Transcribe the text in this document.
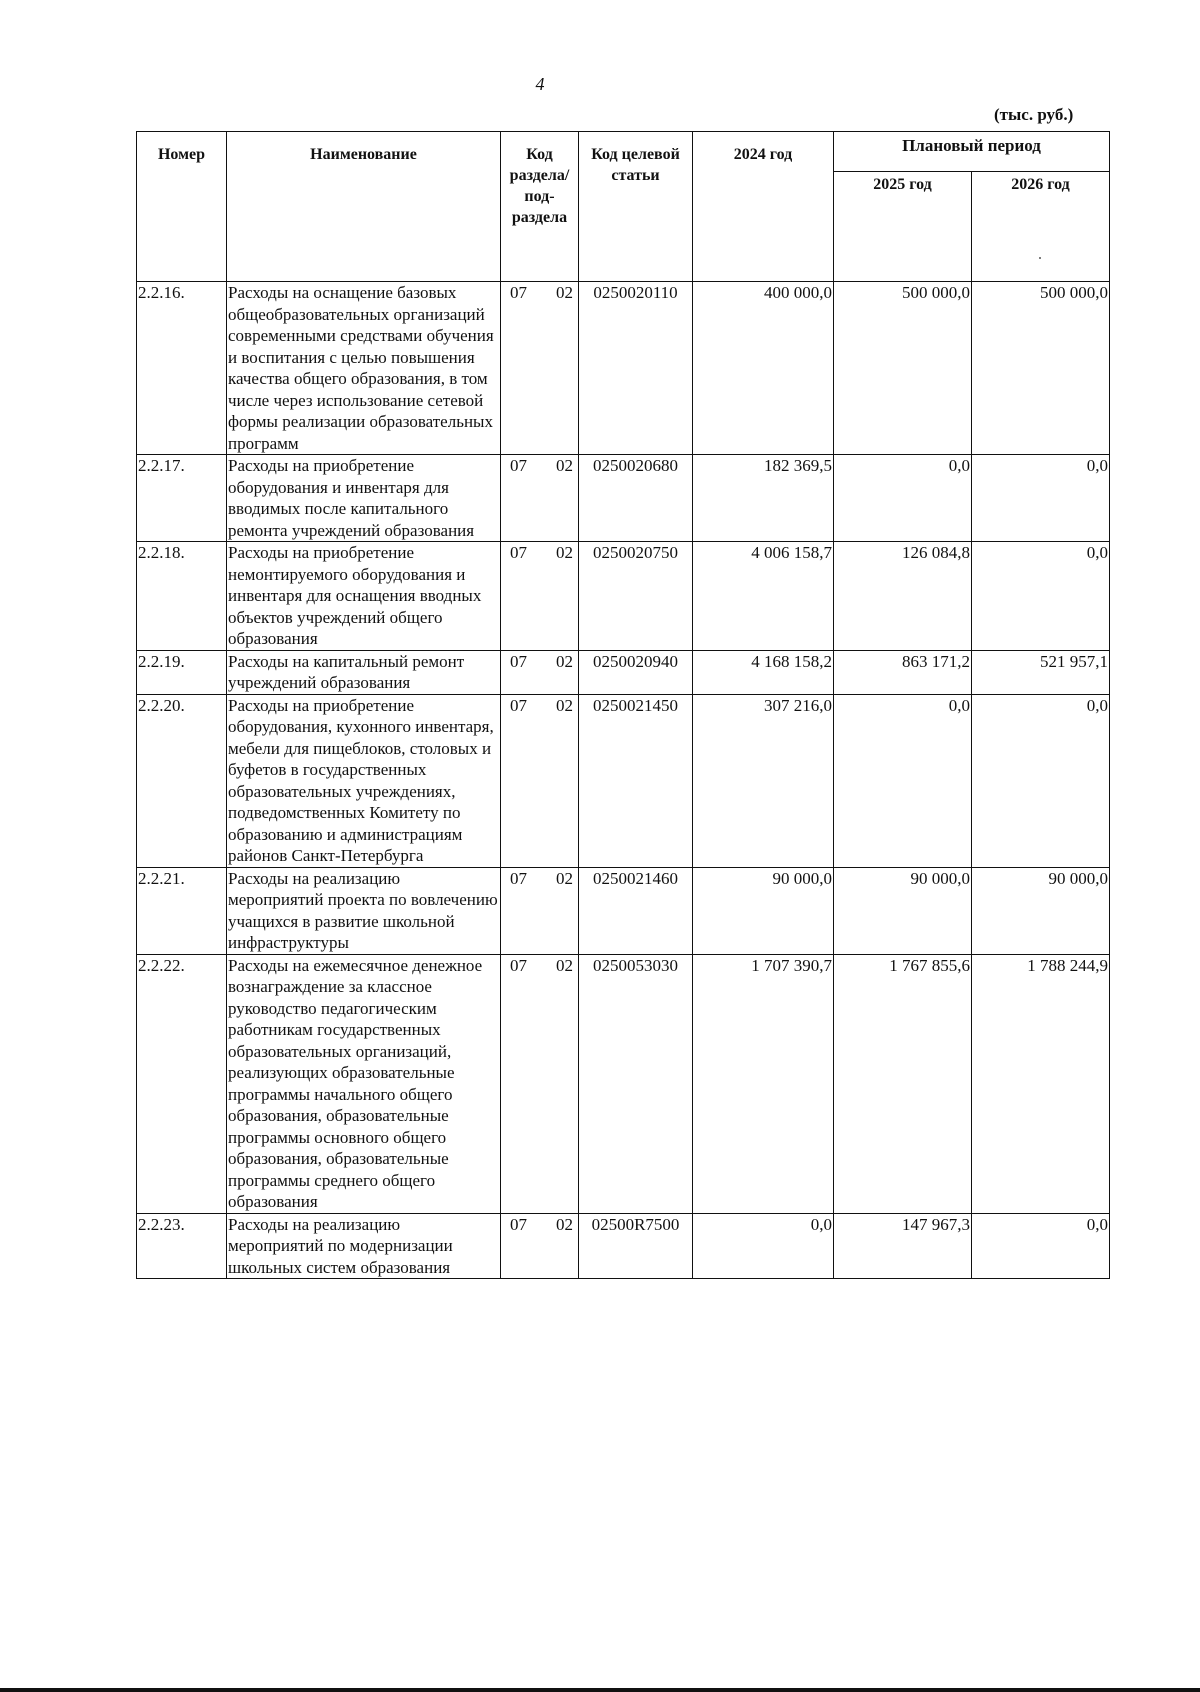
4
(тыс. руб.)
Номер	Наименование	Код раздела/ под-раздела	Код целевой статьи	2024 год	Плановый период	
					2025 год	2026 год
2.2.16.	Расходы на оснащение базовых общеобразовательных организаций современными средствами обучения и воспитания с целью повышения качества общего образования, в том числе через использование сетевой формы реализации образовательных программ	07 02	0250020110	400 000,0	500 000,0	500 000,0
2.2.17.	Расходы на приобретение оборудования и инвентаря для вводимых после капитального ремонта учреждений образования	07 02	0250020680	182 369,5	0,0	0,0
2.2.18.	Расходы на приобретение немонтируемого оборудования и инвентаря для оснащения вводных объектов учреждений общего образования	07 02	0250020750	4 006 158,7	126 084,8	0,0
2.2.19.	Расходы на капитальный ремонт учреждений образования	07 02	0250020940	4 168 158,2	863 171,2	521 957,1
2.2.20.	Расходы на приобретение оборудования, кухонного инвентаря, мебели для пищеблоков, столовых и буфетов в государственных образовательных учреждениях, подведомственных Комитету по образованию и администрациям районов Санкт-Петербурга	07 02	0250021450	307 216,0	0,0	0,0
2.2.21.	Расходы на реализацию мероприятий проекта по вовлечению учащихся в развитие школьной инфраструктуры	07 02	0250021460	90 000,0	90 000,0	90 000,0
2.2.22.	Расходы на ежемесячное денежное вознаграждение за классное руководство педагогическим работникам государственных образовательных организаций, реализующих образовательные программы начального общего образования, образовательные программы основного общего образования, образовательные программы среднего общего образования	07 02	0250053030	1 707 390,7	1 767 855,6	1 788 244,9
2.2.23.	Расходы на реализацию мероприятий по модернизации школьных систем образования	07 02	02500R7500	0,0	147 967,3	0,0
